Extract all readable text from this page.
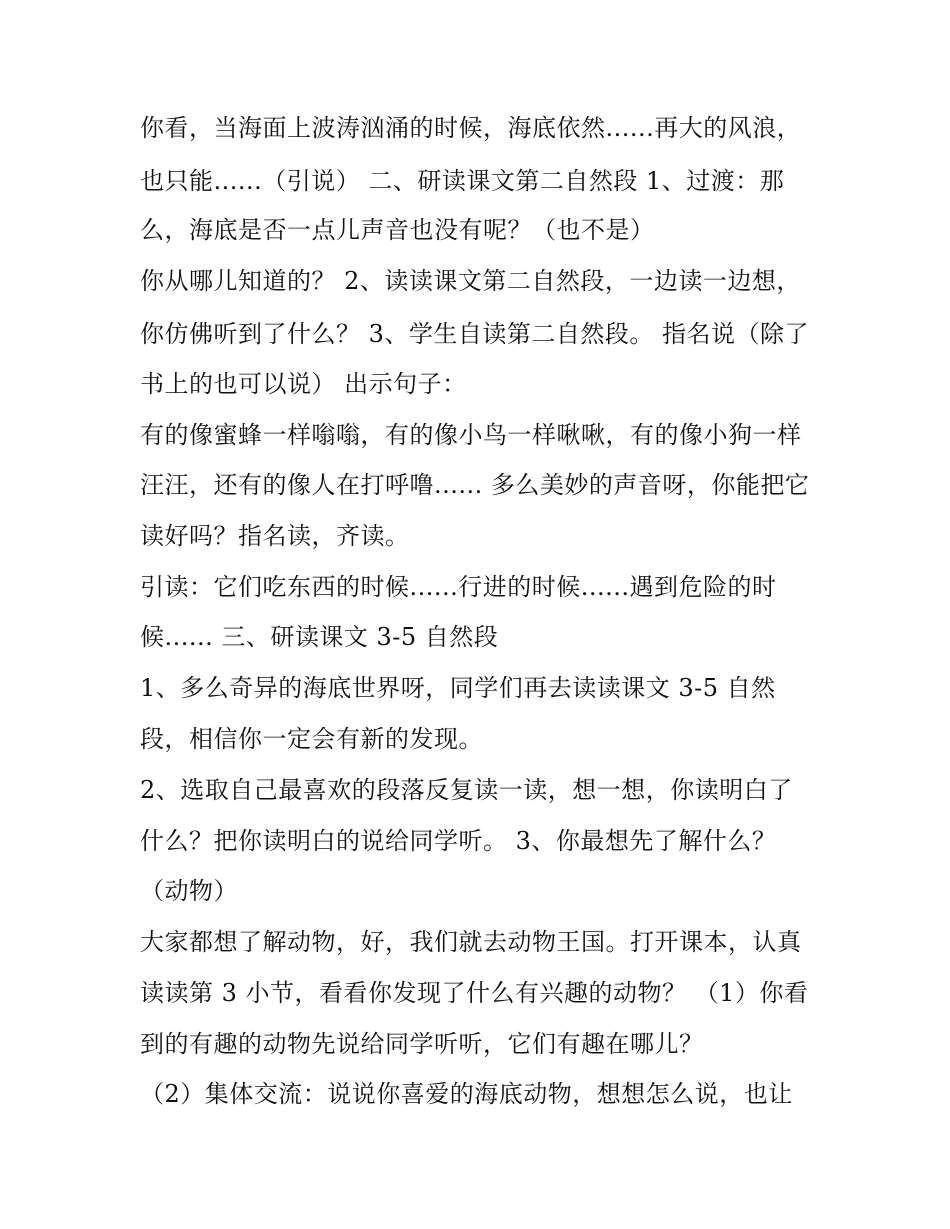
你看，当海面上波涛汹涌的时候，海底依然......再大的风浪，
也只能......（引说） 二、研读课文第二自然段 1、过渡：那
么，海底是否一点儿声音也没有呢？（也不是）
你从哪儿知道的？ 2、读读课文第二自然段，一边读一边想，
你仿佛听到了什么？ 3、学生自读第二自然段。 指名说（除了
书上的也可以说） 出示句子：
有的像蜜蜂一样嗡嗡，有的像小鸟一样啾啾，有的像小狗一样
汪汪，还有的像人在打呼噜...... 多么美妙的声音呀，你能把它
读好吗？指名读，齐读。
引读：它们吃东西的时候......行进的时候......遇到危险的时
候...... 三、研读课文 3-5 自然段
1、多么奇异的海底世界呀，同学们再去读读课文 3-5 自然
段，相信你一定会有新的发现。
2、选取自己最喜欢的段落反复读一读，想一想，你读明白了
什么？把你读明白的说给同学听。 3、你最想先了解什么？
（动物）
大家都想了解动物，好，我们就去动物王国。打开课本，认真
读读第 3 小节，看看你发现了什么有兴趣的动物？ （1）你看
到的有趣的动物先说给同学听听，它们有趣在哪儿？
（2）集体交流：说说你喜爱的海底动物，想想怎么说，也让
